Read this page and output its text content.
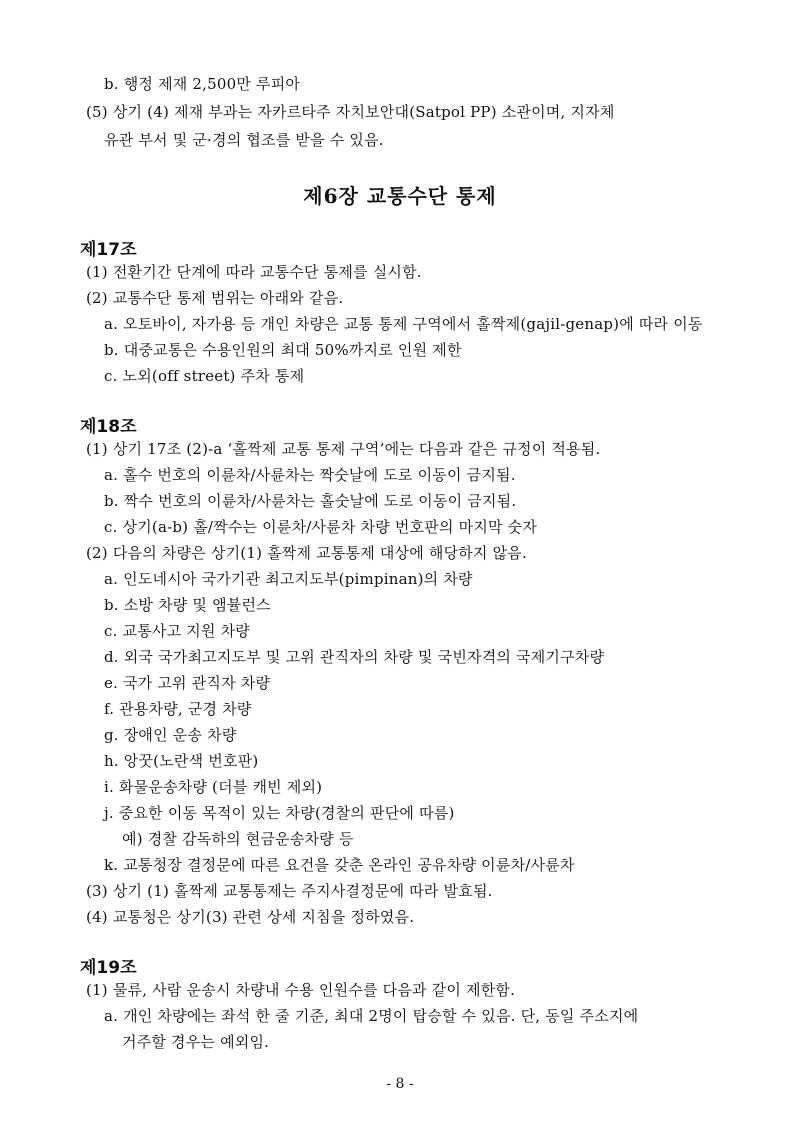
b. 행정 제재 2,500만 루피아
(5) 상기 (4) 제재 부과는 자카르타주 자치보안대(Satpol PP) 소관이며, 지자체
유관 부서 및 군·경의 협조를 받을 수 있음.
제6장 교통수단 통제
제17조
(1) 전환기간 단계에 따라 교통수단 통제를 실시함.
(2) 교통수단 통제 범위는 아래와 같음.
a. 오토바이, 자가용 등 개인 차량은 교통 통제 구역에서 홀짝제(gajil-genap)에 따라 이동
b. 대중교통은 수용인원의 최대 50%까지로 인원 제한
c. 노외(off street) 주차 통제
제18조
(1) 상기 17조 (2)-a ‘홀짝제 교통 통제 구역’에는 다음과 같은 규정이 적용됨.
a. 홀수 번호의 이륜차/사륜차는 짝숫날에 도로 이동이 금지됨.
b. 짝수 번호의 이륜차/사륜차는 홀숫날에 도로 이동이 금지됨.
c. 상기(a-b) 홀/짝수는 이륜차/사륜차 차량 번호판의 마지막 숫자
(2) 다음의 차량은 상기(1) 홀짝제 교통통제 대상에 해당하지 않음.
a. 인도네시아 국가기관 최고지도부(pimpinan)의 차량
b. 소방 차량 및 앰뷸런스
c. 교통사고 지원 차량
d. 외국 국가최고지도부 및 고위 관직자의 차량 및 국빈자격의 국제기구차량
e. 국가 고위 관직자 차량
f. 관용차량, 군경 차량
g. 장애인 운송 차량
h. 앙꿋(노란색 번호판)
i. 화물운송차량 (더블 캐빈 제외)
j. 중요한 이동 목적이 있는 차량(경찰의 판단에 따름)
예) 경찰 감독하의 현금운송차량 등
k. 교통청장 결정문에 따른 요건을 갖춘 온라인 공유차량 이륜차/사륜차
(3) 상기 (1) 홀짝제 교통통제는 주지사결정문에 따라 발효됨.
(4) 교통청은 상기(3) 관련 상세 지침을 정하였음.
제19조
(1) 물류, 사람 운송시 차량내 수용 인원수를 다음과 같이 제한함.
a. 개인 차량에는 좌석 한 줄 기준, 최대 2명이 탑승할 수 있음. 단, 동일 주소지에
거주할 경우는 예외임.
- 8 -
